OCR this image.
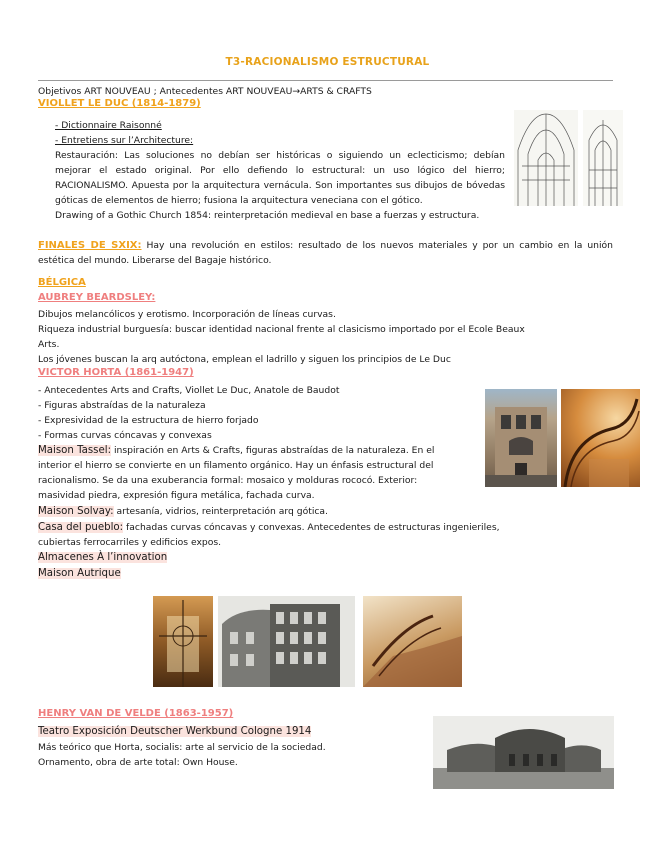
T3-RACIONALISMO ESTRUCTURAL
Objetivos ART NOUVEAU ; Antecedentes ART NOUVEAU→ARTS & CRAFTS
VIOLLET LE DUC (1814-1879)
- Dictionnaire Raisonné
- Entretiens sur l’Architecture:
Restauración: Las soluciones no debían ser históricas o siguiendo un eclecticismo; debían mejorar el estado original. Por ello defiendo lo estructural: un uso lógico del hierro; RACIONALISMO. Apuesta por la arquitectura vernácula. Son importantes sus dibujos de bóvedas góticas de elementos de hierro; fusiona la arquitectura veneciana con el gótico.
Drawing of a Gothic Church 1854: reinterpretación medieval en base a fuerzas y estructura.
FINALES DE SXIX: Hay una revolución en estilos: resultado de los nuevos materiales y por un cambio en la unión estética del mundo. Liberarse del Bagaje histórico.
BÉLGICA
AUBREY BEARDSLEY:
Dibujos melancólicos y erotismo. Incorporación de líneas curvas.
Riqueza industrial burguesía: buscar identidad nacional frente al clasicismo importado por el Ecole Beaux
Arts.
Los jóvenes buscan la arq autóctona, emplean el ladrillo y siguen los principios de Le Duc
VICTOR HORTA (1861-1947)
- Antecedentes Arts and Crafts, Viollet Le Duc, Anatole de Baudot
- Figuras abstraídas de la naturaleza
- Expresividad de la estructura de hierro forjado
- Formas curvas cóncavas y convexas
Maison Tassel: inspiración en Arts & Crafts, figuras abstraídas de la naturaleza. En el
interior el hierro se convierte en un filamento orgánico. Hay un énfasis estructural del
racionalismo. Se da una exuberancia formal: mosaico y molduras rococó. Exterior:
masividad piedra, expresión figura metálica, fachada curva.
Maison Solvay: artesanía, vidrios, reinterpretación arq gótica.
Casa del pueblo: fachadas curvas cóncavas y convexas. Antecedentes de estructuras ingenieriles,
cubiertas ferrocarriles y edificios expos.
Almacenes À l’innovation
Maison Autrique
HENRY VAN DE VELDE (1863-1957)
Teatro Exposición Deutscher Werkbund Cologne 1914
Más teórico que Horta, socialis: arte al servicio de la sociedad.
Ornamento, obra de arte total: Own House.
